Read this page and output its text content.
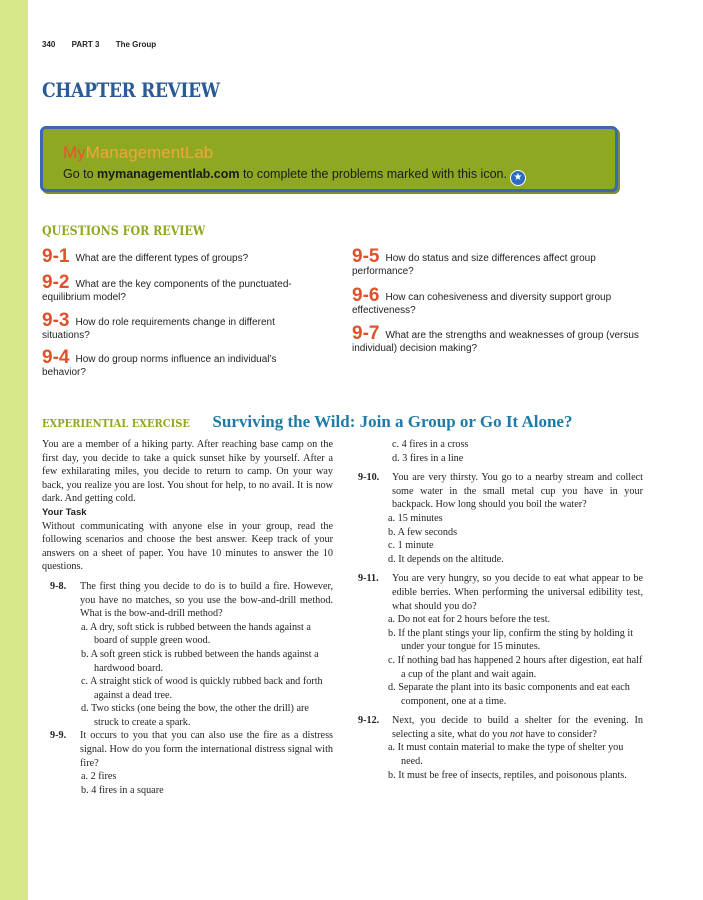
340 PART 3 The Group
CHAPTER REVIEW
MyManagementLab
Go to mymanagementlab.com to complete the problems marked with this icon. ★
QUESTIONS FOR REVIEW
9-1 What are the different types of groups?
9-2 What are the key components of the punctuated-equilibrium model?
9-3 How do role requirements change in different situations?
9-4 How do group norms influence an individual’s behavior?
9-5 How do status and size differences affect group performance?
9-6 How can cohesiveness and diversity support group effectiveness?
9-7 What are the strengths and weaknesses of group (versus individual) decision making?
EXPERIENTIAL EXERCISE Surviving the Wild: Join a Group or Go It Alone?

You are a member of a hiking party. After reaching base camp on the first day, you decide to take a quick sunset hike by yourself. After a few exhilarating miles, you decide to return to camp. On your way back, you realize you are lost. You shout for help, to no avail. It is now dark. And getting cold.

Your Task

Without communicating with anyone else in your group, read the following scenarios and choose the best answer. Keep track of your answers on a sheet of paper. You have 10 minutes to answer the 10 questions.

9-8. The first thing you decide to do is to build a fire. However, you have no matches, so you use the bow-and-drill method. What is the bow-and-drill method?

a. A dry, soft stick is rubbed between the hands against a board of supple green wood.

b. A soft green stick is rubbed between the hands against a hardwood board.

c. A straight stick of wood is quickly rubbed back and forth against a dead tree.

d. Two sticks (one being the bow, the other the drill) are struck to create a spark.

9-9. It occurs to you that you can also use the fire as a distress signal. How do you form the international distress signal with fire?

a. 2 fires

b. 4 fires in a square

c. 4 fires in a cross

d. 3 fires in a line

9-10. You are very thirsty. You go to a nearby stream and collect some water in the small metal cup you have in your backpack. How long should you boil the water?

a. 15 minutes

b. A few seconds

c. 1 minute

d. It depends on the altitude.

9-11. You are very hungry, so you decide to eat what appear to be edible berries. When performing the universal edibility test, what should you do?

a. Do not eat for 2 hours before the test.

b. If the plant stings your lip, confirm the sting by holding it under your tongue for 15 minutes.

c. If nothing bad has happened 2 hours after digestion, eat half a cup of the plant and wait again.

d. Separate the plant into its basic components and eat each component, one at a time.

9-12. Next, you decide to build a shelter for the evening. In selecting a site, what do you not have to consider?

a. It must contain material to make the type of shelter you need.

b. It must be free of insects, reptiles, and poisonous plants.
